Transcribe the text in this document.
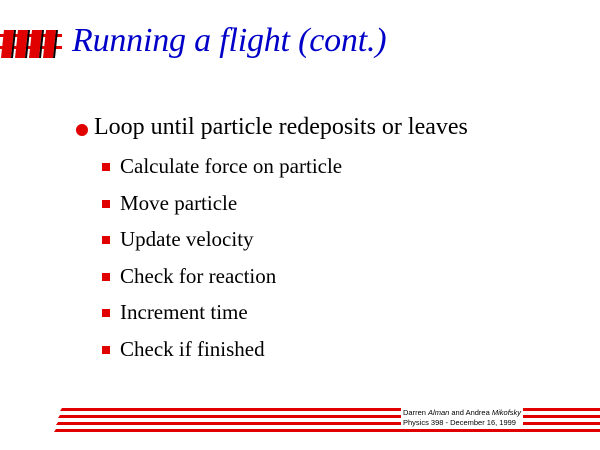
Running a flight (cont.)
Loop until particle redeposits or leaves
Calculate force on particle
Move particle
Update velocity
Check for reaction
Increment time
Check if finished
Darren Alman and Andrea Mikofsky
Physics 398 - December 16, 1999
